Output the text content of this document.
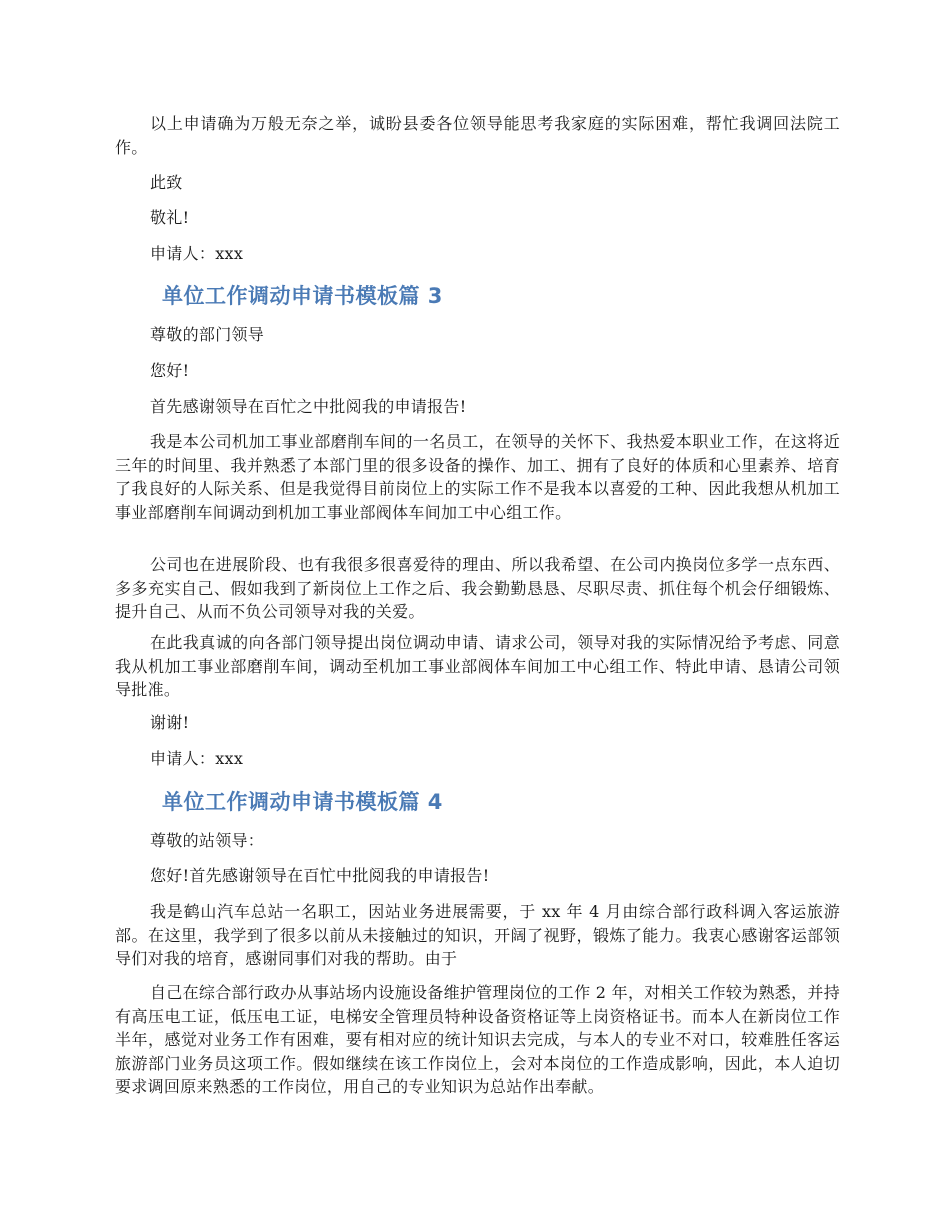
以上申请确为万般无奈之举，诚盼县委各位领导能思考我家庭的实际困难，帮忙我调回法院工作。

此致

敬礼!

申请人：xxx

单位工作调动申请书模板篇 3

尊敬的部门领导

您好!

首先感谢领导在百忙之中批阅我的申请报告!

我是本公司机加工事业部磨削车间的一名员工，在领导的关怀下、我热爱本职业工作，在这将近三年的时间里、我并熟悉了本部门里的很多设备的操作、加工、拥有了良好的体质和心里素养、培育了我良好的人际关系、但是我觉得目前岗位上的实际工作不是我本以喜爱的工种、因此我想从机加工事业部磨削车间调动到机加工事业部阀体车间加工中心组工作。

公司也在进展阶段、也有我很多很喜爱待的理由、所以我希望、在公司内换岗位多学一点东西、多多充实自己、假如我到了新岗位上工作之后、我会勤勤恳恳、尽职尽责、抓住每个机会仔细锻炼、提升自己、从而不负公司领导对我的关爱。

在此我真诚的向各部门领导提出岗位调动申请、请求公司，领导对我的实际情况给予考虑、同意我从机加工事业部磨削车间，调动至机加工事业部阀体车间加工中心组工作、特此申请、恳请公司领导批准。

谢谢!

申请人：xxx

单位工作调动申请书模板篇 4

尊敬的站领导：

您好!首先感谢领导在百忙中批阅我的申请报告!

我是鹤山汽车总站一名职工，因站业务进展需要，于 xx 年 4 月由综合部行政科调入客运旅游部。在这里，我学到了很多以前从未接触过的知识，开阔了视野，锻炼了能力。我衷心感谢客运部领导们对我的培育，感谢同事们对我的帮助。由于

自己在综合部行政办从事站场内设施设备维护管理岗位的工作 2 年，对相关工作较为熟悉，并持有高压电工证，低压电工证，电梯安全管理员特种设备资格证等上岗资格证书。而本人在新岗位工作半年，感觉对业务工作有困难，要有相对应的统计知识去完成，与本人的专业不对口，较难胜任客运旅游部门业务员这项工作。假如继续在该工作岗位上，会对本岗位的工作造成影响，因此，本人迫切要求调回原来熟悉的工作岗位，用自己的专业知识为总站作出奉献。
